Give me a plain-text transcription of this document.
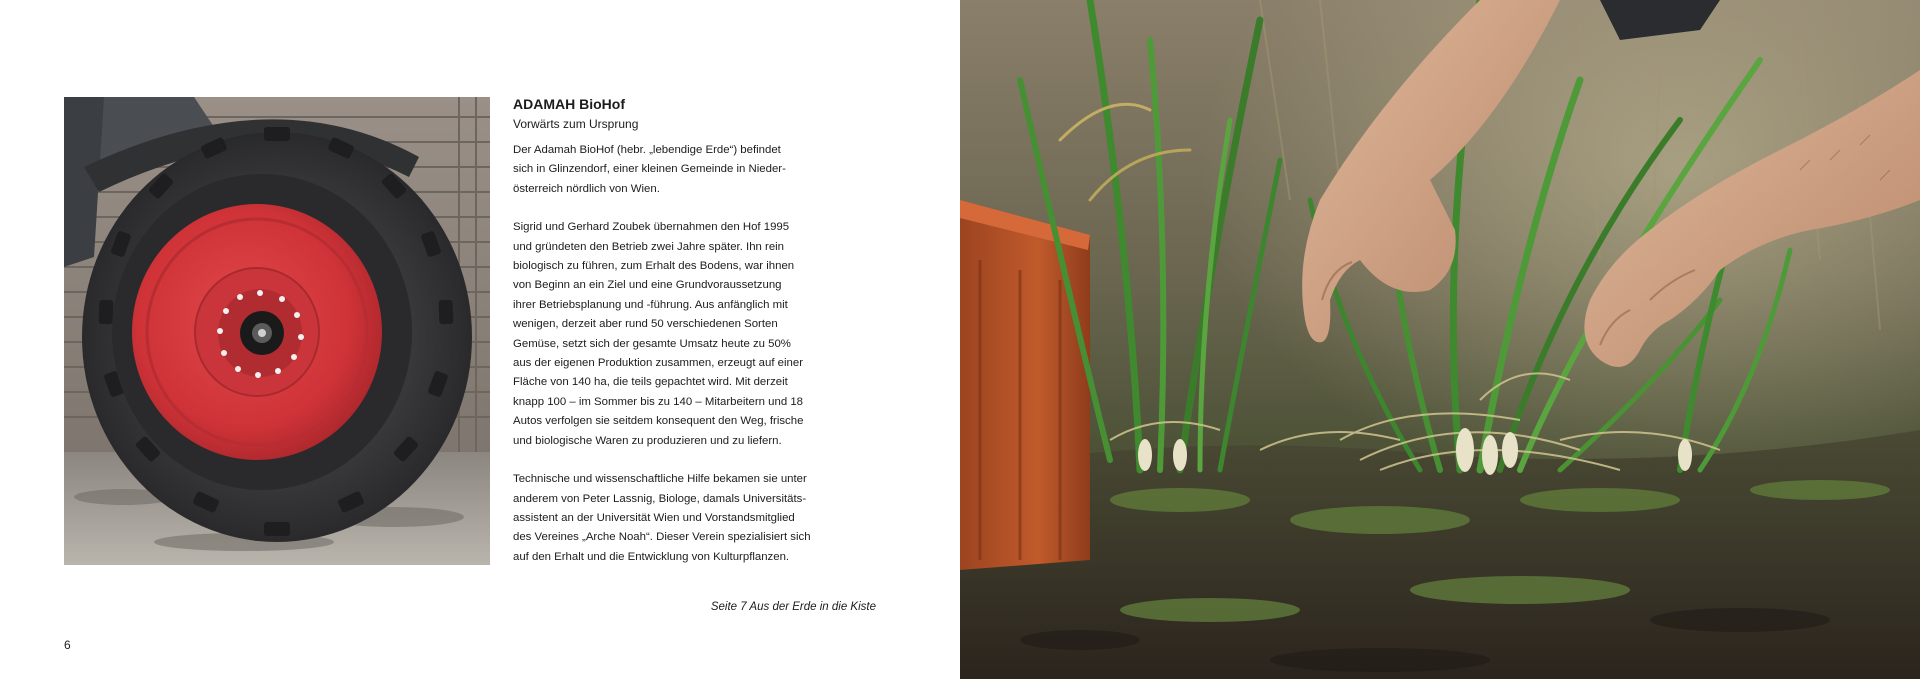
ADAMAH BioHof
Vorwärts zum Ursprung

Der Adamah BioHof (hebr. „lebendige Erde“) befindet
sich in Glinzendorf, einer kleinen Gemeinde in Nieder-
österreich nördlich von Wien.

Sigrid und Gerhard Zoubek übernahmen den Hof 1995
und gründeten den Betrieb zwei Jahre später. Ihn rein
biologisch zu führen, zum Erhalt des Bodens, war ihnen
von Beginn an ein Ziel und eine Grundvoraussetzung
ihrer Betriebsplanung und -führung. Aus anfänglich mit
wenigen, derzeit aber rund 50 verschiedenen Sorten
Gemüse, setzt sich der gesamte Umsatz heute zu 50%
aus der eigenen Produktion zusammen, erzeugt auf einer
Fläche von 140 ha, die teils gepachtet wird. Mit derzeit
knapp 100 – im Sommer bis zu 140 – Mitarbeitern und 18
Autos verfolgen sie seitdem konsequent den Weg, frische
und biologische Waren zu produzieren und zu liefern.

Technische und wissenschaftliche Hilfe bekamen sie unter
anderem von Peter Lassnig, Biologe, damals Universitäts-
assistent an der Universität Wien und Vorstandsmitglied
des Vereines „Arche Noah“. Dieser Verein spezialisiert sich
auf den Erhalt und die Entwicklung von Kulturpflanzen.

Seite 7 Aus der Erde in die Kiste
6
